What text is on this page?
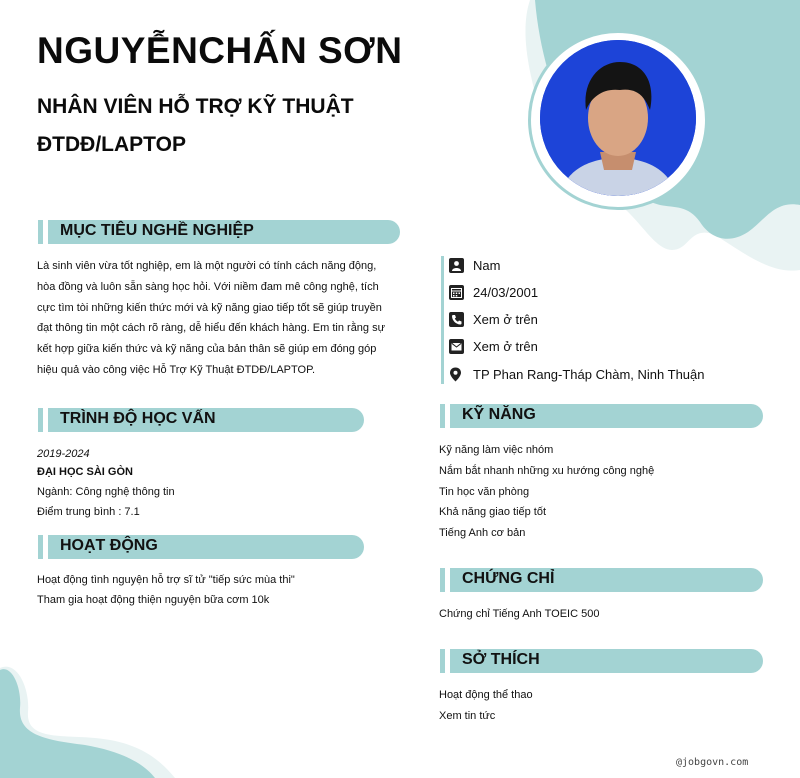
NGUYỄNCHẤN SƠN
NHÂN VIÊN HỖ TRỢ KỸ THUẬT
ĐTDĐ/LAPTOP
MỤC TIÊU NGHỀ NGHIỆP
Là sinh viên vừa tốt nghiệp, em là một người có tính cách năng động,
hòa đồng và luôn sẵn sàng học hỏi. Với niềm đam mê công nghệ, tích
cực tìm tòi những kiến thức mới và kỹ năng giao tiếp tốt sẽ giúp truyền
đạt thông tin một cách rõ ràng, dễ hiểu đến khách hàng. Em tin rằng sự
kết hợp giữa kiến thức và kỹ năng của bản thân sẽ giúp em đóng góp
hiệu quả vào công việc Hỗ Trợ Kỹ Thuật ĐTDĐ/LAPTOP.
TRÌNH ĐỘ HỌC VẤN
2019-2024
ĐẠI HỌC SÀI GÒN
Ngành: Công nghệ thông tin
Điểm trung bình : 7.1
HOẠT ĐỘNG
Hoạt động tình nguyện hỗ trợ sĩ tử "tiếp sức mùa thi"
Tham gia hoạt động thiện nguyện bữa cơm 10k
Nam
24/03/2001
Xem ở trên
Xem ở trên
TP Phan Rang-Tháp Chàm, Ninh Thuận
KỸ NĂNG
Kỹ năng làm việc nhóm
Nắm bắt nhanh những xu hướng công nghệ
Tin học văn phòng
Khả năng giao tiếp tốt
Tiếng Anh cơ bản
CHỨNG CHỈ
Chứng chỉ Tiếng Anh TOEIC 500
SỞ THÍCH
Hoạt động thể thao
Xem tin tức
@jobgovn.com
